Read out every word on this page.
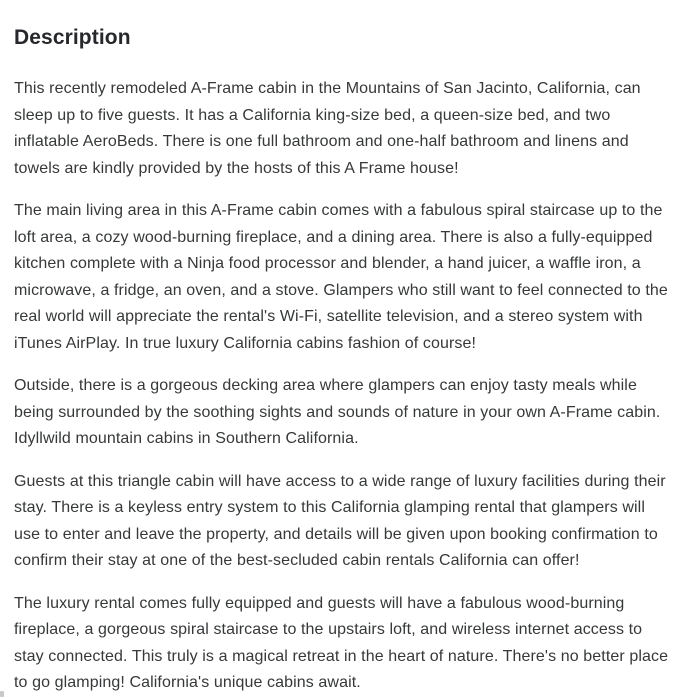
Description

This recently remodeled A-Frame cabin in the Mountains of San Jacinto, California, can sleep up to five guests. It has a California king-size bed, a queen-size bed, and two inflatable AeroBeds. There is one full bathroom and one-half bathroom and linens and towels are kindly provided by the hosts of this A Frame house!

The main living area in this A-Frame cabin comes with a fabulous spiral staircase up to the loft area, a cozy wood-burning fireplace, and a dining area. There is also a fully-equipped kitchen complete with a Ninja food processor and blender, a hand juicer, a waffle iron, a microwave, a fridge, an oven, and a stove. Glampers who still want to feel connected to the real world will appreciate the rental's Wi-Fi, satellite television, and a stereo system with iTunes AirPlay. In true luxury California cabins fashion of course!

Outside, there is a gorgeous decking area where glampers can enjoy tasty meals while being surrounded by the soothing sights and sounds of nature in your own A-Frame cabin. Idyllwild mountain cabins in Southern California.

Guests at this triangle cabin will have access to a wide range of luxury facilities during their stay. There is a keyless entry system to this California glamping rental that glampers will use to enter and leave the property, and details will be given upon booking confirmation to confirm their stay at one of the best-secluded cabin rentals California can offer!

The luxury rental comes fully equipped and guests will have a fabulous wood-burning fireplace, a gorgeous spiral staircase to the upstairs loft, and wireless internet access to stay connected. This truly is a magical retreat in the heart of nature. There's no better place to go glamping! California's unique cabins await.
